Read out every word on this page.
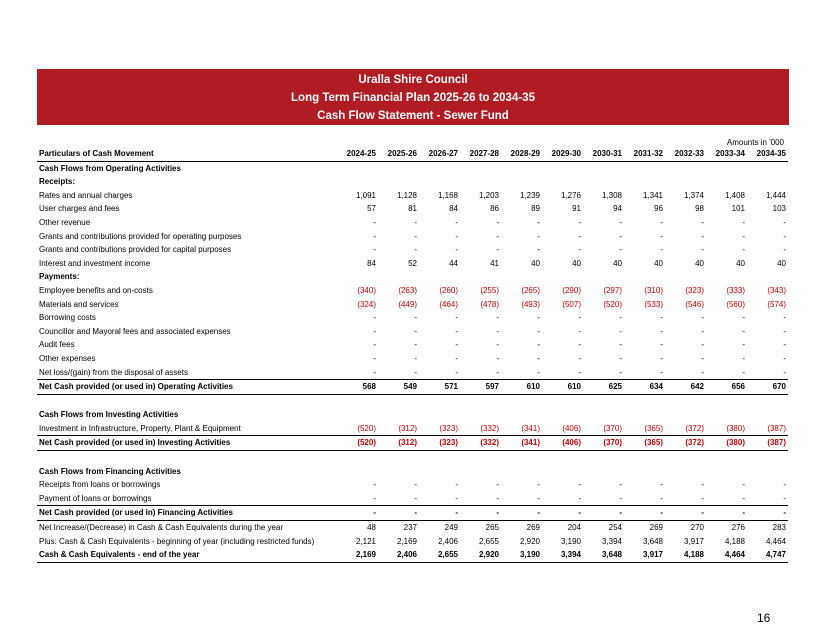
Uralla Shire Council
Long Term Financial Plan 2025-26 to 2034-35
Cash Flow Statement - Sewer Fund
Amounts in '000
Particulars of Cash Movement	2024-25	2025-26	2026-27	2027-28	2028-29	2029-30	2030-31	2031-32	2032-33	2033-34	2034-35
Cash Flows from Operating Activities											
Receipts:											
Rates and annual charges	1,091	1,128	1,168	1,203	1,239	1,276	1,308	1,341	1,374	1,408	1,444
User charges and fees	57	81	84	86	89	91	94	96	98	101	103
Other revenue	-	-	-	-	-	-	-	-	-	-	-
Grants and contributions provided for operating purposes	-	-	-	-	-	-	-	-	-	-	-
Grants and contributions provided for capital purposes	-	-	-	-	-	-	-	-	-	-	-
Interest and investment income	84	52	44	41	40	40	40	40	40	40	40
Payments:											
Employee benefits and on-costs	(340)	(263)	(260)	(255)	(265)	(290)	(297)	(310)	(323)	(333)	(343)
Materials and services	(324)	(449)	(464)	(478)	(493)	(507)	(520)	(533)	(546)	(560)	(574)
Borrowing costs	-	-	-	-	-	-	-	-	-	-	-
Councillor and Mayoral fees and associated expenses	-	-	-	-	-	-	-	-	-	-	-
Audit fees	-	-	-	-	-	-	-	-	-	-	-
Other expenses	-	-	-	-	-	-	-	-	-	-	-
Net loss/(gain) from the disposal of assets	-	-	-	-	-	-	-	-	-	-	-
Net Cash provided (or used in) Operating Activities	568	549	571	597	610	610	625	634	642	656	670

Cash Flows from Investing Activities											
Investment in Infrastructure, Property, Plant & Equipment	(520)	(312)	(323)	(332)	(341)	(406)	(370)	(365)	(372)	(380)	(387)
Net Cash provided (or used in) Investing Activities	(520)	(312)	(323)	(332)	(341)	(406)	(370)	(365)	(372)	(380)	(387)

Cash Flows from Financing Activities											
Receipts from loans or borrowings	-	-	-	-	-	-	-	-	-	-	-
Payment of loans or borrowings	-	-	-	-	-	-	-	-	-	-	-
Net Cash provided (or used in) Financing Activities	-	-	-	-	-	-	-	-	-	-	-
Net Increase/(Decrease) in Cash & Cash Equivalents during the year	48	237	249	265	269	204	254	269	270	276	283
Plus: Cash & Cash Equivalents - beginning of year (including restricted funds)	2,121	2,169	2,406	2,655	2,920	3,190	3,394	3,648	3,917	4,188	4,464
Cash & Cash Equivalents - end of the year	2,169	2,406	2,655	2,920	3,190	3,394	3,648	3,917	4,188	4,464	4,747
16
